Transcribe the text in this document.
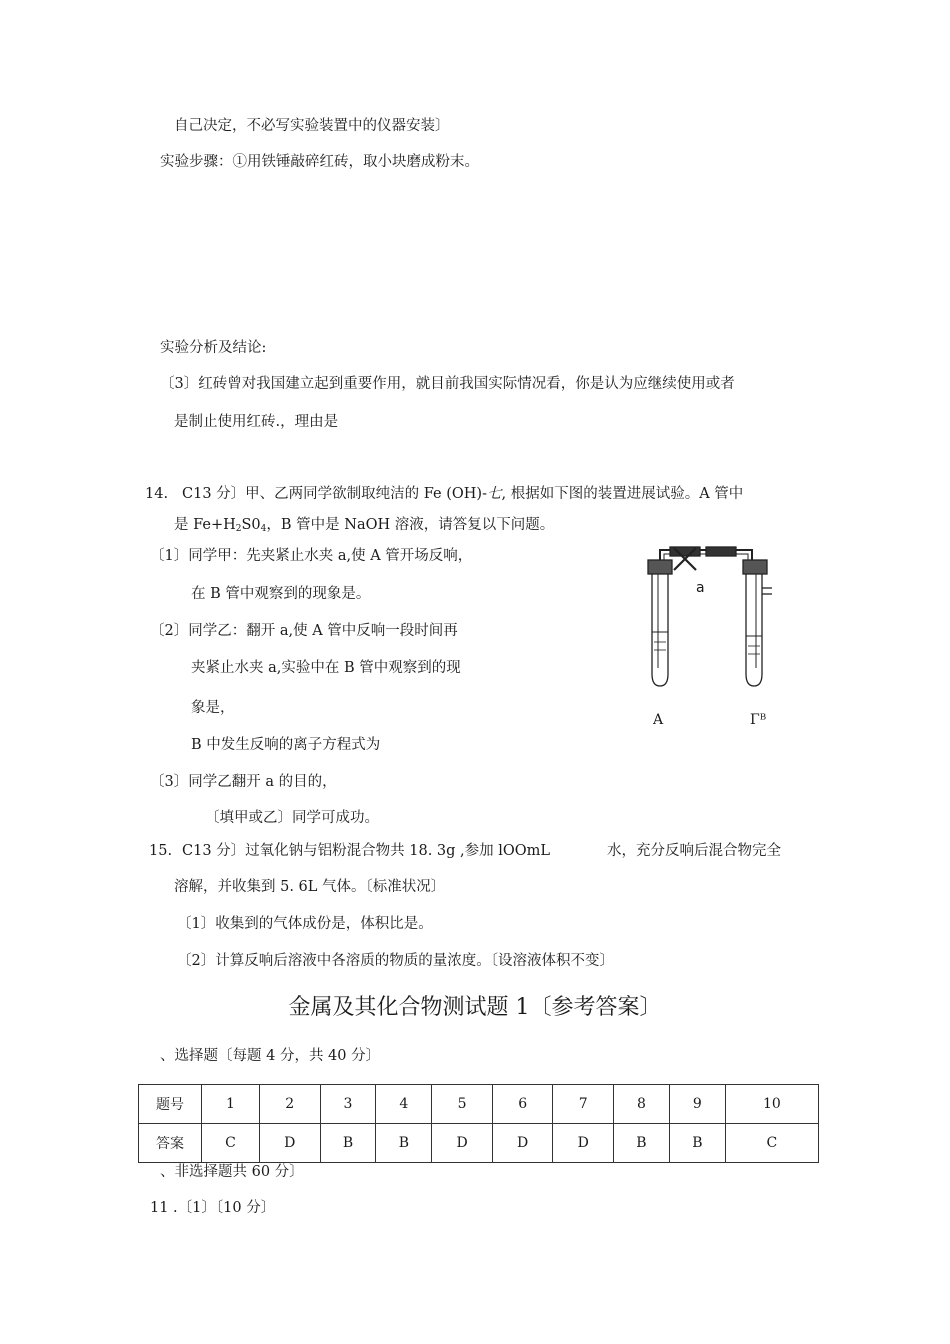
自己决定，不必写实验装置中的仪器安装〕
实验步骤：①用铁锤敲碎红砖，取小块磨成粉末。
实验分析及结论:
〔3〕红砖曾对我国建立起到重要作用，就目前我国实际情况看，你是认为应继续使用或者
是制止使用红砖.，理由是
14. C13 分〕甲、乙两同学欲制取纯洁的 Fe (OH)-七, 根据如下图的装置进展试验。A 管中
是 $Fe+H_2S0_4$，B 管中是 NaOH 溶液，请答复以下问题。
〔1〕同学甲：先夹紧止水夹 a,使 A 管开场反响，
在 B 管中观察到的现象是。
〔2〕同学乙：翻开 a,使 A 管中反响一段时间再
夹紧止水夹 a,实验中在 B 管中观察到的现
象是，
B 中发生反响的离子方程式为
〔3〕同学乙翻开 a 的目的，
〔填甲或乙〕同学可成功。
a
A	Γᴮ
15. C13 分〕过氧化钠与铝粉混合物共 18. 3g ,参加 lOOmL	水，充分反响后混合物完全
溶解，并收集到 5. 6L 气体。〔标准状况〕
〔1〕收集到的气体成份是，体积比是。
〔2〕计算反响后溶液中各溶质的物质的量浓度。〔设溶液体积不变〕
金属及其化合物测试题 1〔参考答案〕
、选择题〔每题 4 分，共 40 分〕
题号	1	2	3	4	5	6	7	8	9	10
答案	C	D	B	B	D	D	D	B	B	C
、非选择题共 60 分〕
11 .〔1〕〔10 分〕
